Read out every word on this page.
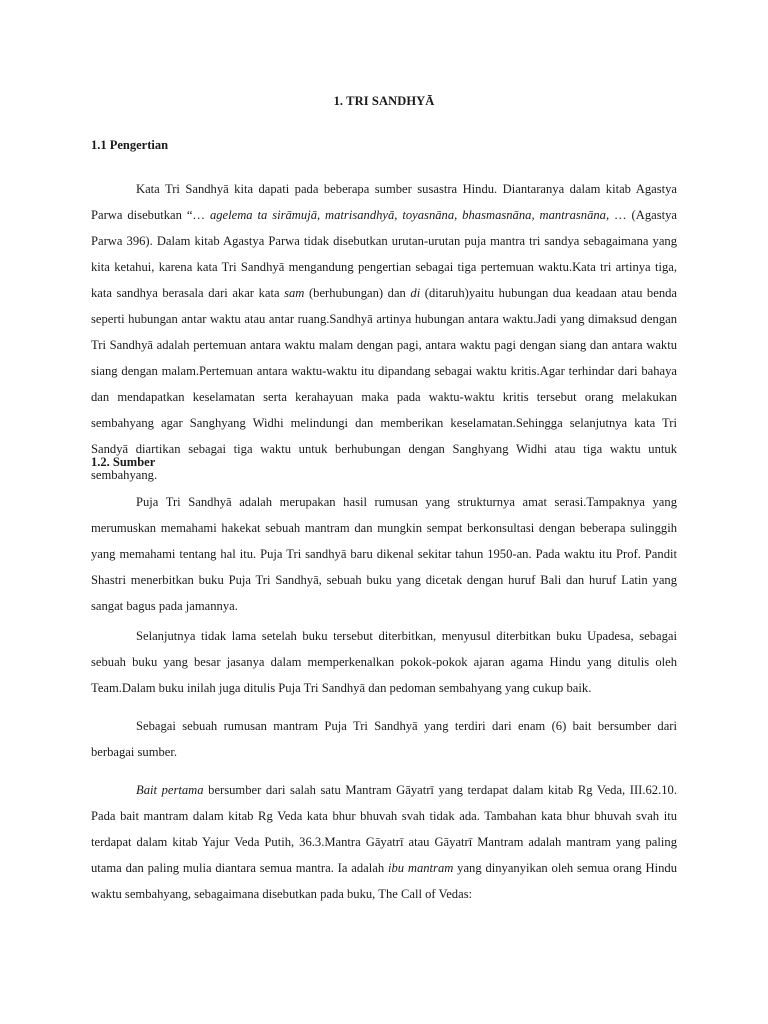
1. TRI SANDHYĀ
1.1 Pengertian

Kata Tri Sandhyā kita dapati pada beberapa sumber susastra Hindu. Diantaranya dalam kitab Agastya Parwa disebutkan “… agelema ta sirāmujā, matrisandhyā, toyasnāna, bhasmasnāna, mantrasnāna, … (Agastya Parwa 396). Dalam kitab Agastya Parwa tidak disebutkan urutan-urutan puja mantra tri sandya sebagaimana yang kita ketahui, karena kata Tri Sandhyā mengandung pengertian sebagai tiga pertemuan waktu.Kata tri artinya tiga, kata sandhya berasala dari akar kata sam (berhubungan) dan di (ditaruh)yaitu hubungan dua keadaan atau benda seperti hubungan antar waktu atau antar ruang.Sandhyā artinya hubungan antara waktu.Jadi yang dimaksud dengan Tri Sandhyā adalah pertemuan antara waktu malam dengan pagi, antara waktu pagi dengan siang dan antara waktu siang dengan malam.Pertemuan antara waktu-waktu itu dipandang sebagai waktu kritis.Agar terhindar dari bahaya dan mendapatkan keselamatan serta kerahayuan maka pada waktu-waktu kritis tersebut orang melakukan sembahyang agar Sanghyang Widhi melindungi dan memberikan keselamatan.Sehingga selanjutnya kata Tri Sandyā diartikan sebagai tiga waktu untuk berhubungan dengan Sanghyang Widhi atau tiga waktu untuk sembahyang.

1.2. Sumber

Puja Tri Sandhyā adalah merupakan hasil rumusan yang strukturnya amat serasi.Tampaknya yang merumuskan memahami hakekat sebuah mantram dan mungkin sempat berkonsultasi dengan beberapa sulinggih yang memahami tentang hal itu. Puja Tri sandhyā baru dikenal sekitar tahun 1950-an. Pada waktu itu Prof. Pandit Shastri menerbitkan buku Puja Tri Sandhyā, sebuah buku yang dicetak dengan huruf Bali dan huruf Latin yang sangat bagus pada jamannya.

Selanjutnya tidak lama setelah buku tersebut diterbitkan, menyusul diterbitkan buku Upadesa, sebagai sebuah buku yang besar jasanya dalam memperkenalkan pokok-pokok ajaran agama Hindu yang ditulis oleh Team.Dalam buku inilah juga ditulis Puja Tri Sandhyā dan pedoman sembahyang yang cukup baik.

Sebagai sebuah rumusan mantram Puja Tri Sandhyā yang terdiri dari enam (6) bait bersumber dari berbagai sumber.

Bait pertama bersumber dari salah satu Mantram Gāyatrī yang terdapat dalam kitab Rg Veda, III.62.10. Pada bait mantram dalam kitab Rg Veda kata bhur bhuvah svah tidak ada. Tambahan kata bhur bhuvah svah itu terdapat dalam kitab Yajur Veda Putih, 36.3.Mantra Gāyatrī atau Gāyatrī Mantram adalah mantram yang paling utama dan paling mulia diantara semua mantra. Ia adalah ibu mantram yang dinyanyikan oleh semua orang Hindu waktu sembahyang, sebagaimana disebutkan pada buku, The Call of Vedas:
